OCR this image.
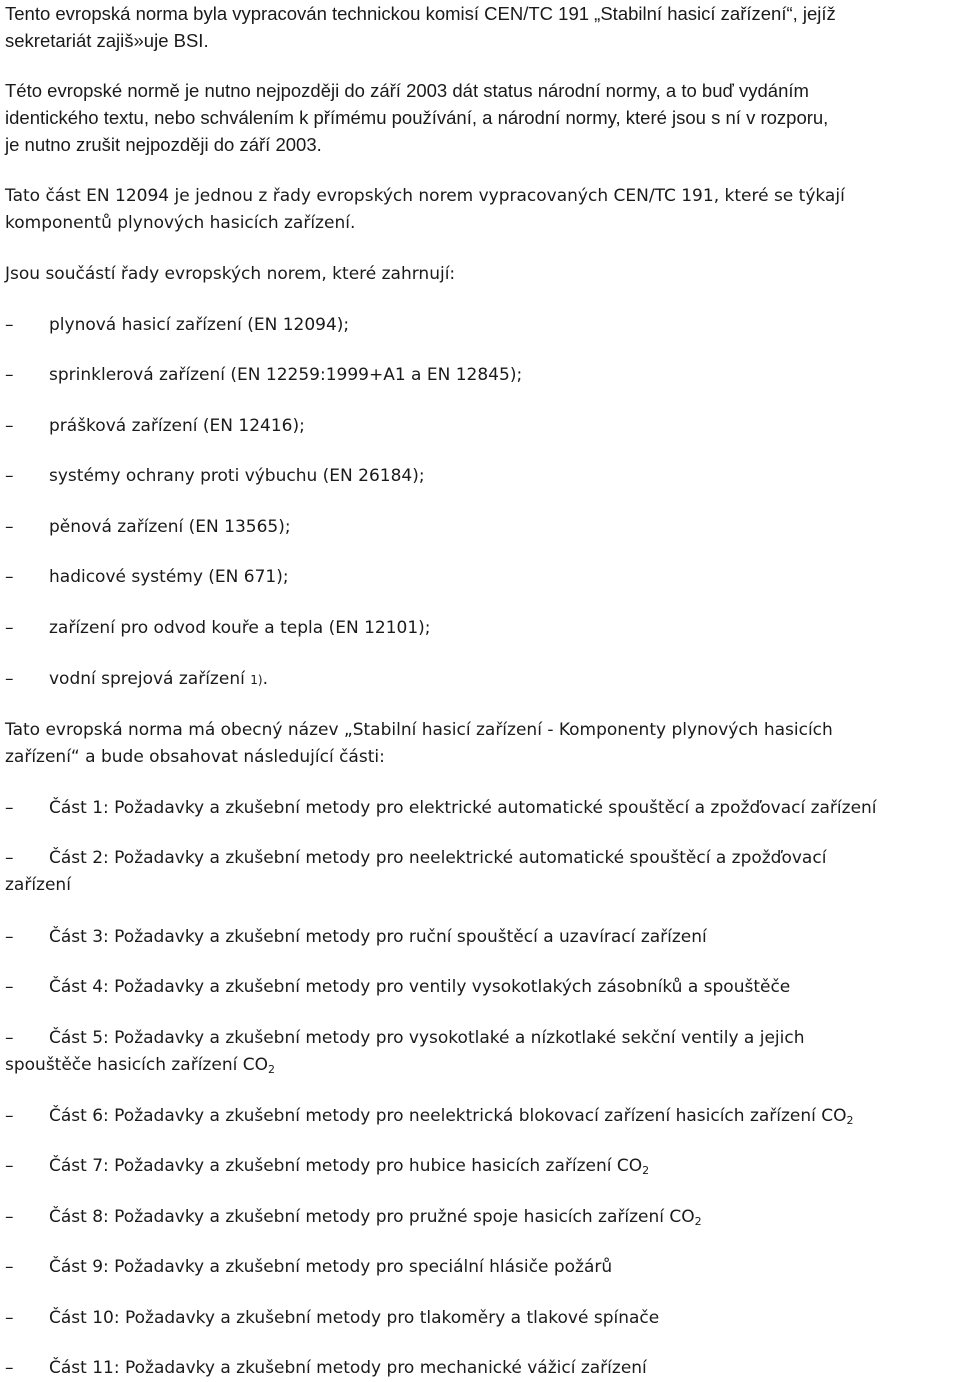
Tento evropská norma byla vypracován technickou komisí CEN/TC 191 „Stabilní hasicí zařízení“, jejíž
sekretariát zajiš»uje BSI.

Této evropské normě je nutno nejpozději do září 2003 dát status národní normy, a to buď vydáním
identického textu, nebo schválením k přímému používání, a národní normy, které jsou s ní v rozporu,
je nutno zrušit nejpozději do září 2003.

Tato část EN 12094 je jednou z řady evropských norem vypracovaných CEN/TC 191, které se týkají
komponentů plynových hasicích zařízení.

Jsou součástí řady evropských norem, které zahrnují:

– plynová hasicí zařízení (EN 12094);

– sprinklerová zařízení (EN 12259:1999+A1 a EN 12845);

– prášková zařízení (EN 12416);

– systémy ochrany proti výbuchu (EN 26184);

– pěnová zařízení (EN 13565);

– hadicové systémy (EN 671);

– zařízení pro odvod kouře a tepla (EN 12101);

– vodní sprejová zařízení 1).

Tato evropská norma má obecný název „Stabilní hasicí zařízení - Komponenty plynových hasicích
zařízení“ a bude obsahovat následující části:

– Část 1: Požadavky a zkušební metody pro elektrické automatické spouštěcí a zpožďovací zařízení

– Část 2: Požadavky a zkušební metody pro neelektrické automatické spouštěcí a zpožďovací
zařízení

– Část 3: Požadavky a zkušební metody pro ruční spouštěcí a uzavírací zařízení

– Část 4: Požadavky a zkušební metody pro ventily vysokotlakých zásobníků a spouštěče

– Část 5: Požadavky a zkušební metody pro vysokotlaké a nízkotlaké sekční ventily a jejich
spouštěče hasicích zařízení $CO_2$

– Část 6: Požadavky a zkušební metody pro neelektrická blokovací zařízení hasicích zařízení $CO_2$

– Část 7: Požadavky a zkušební metody pro hubice hasicích zařízení $CO_2$

– Část 8: Požadavky a zkušební metody pro pružné spoje hasicích zařízení $CO_2$

– Část 9: Požadavky a zkušební metody pro speciální hlásiče požárů

– Část 10: Požadavky a zkušební metody pro tlakoměry a tlakové spínače

– Část 11: Požadavky a zkušební metody pro mechanické vážicí zařízení
